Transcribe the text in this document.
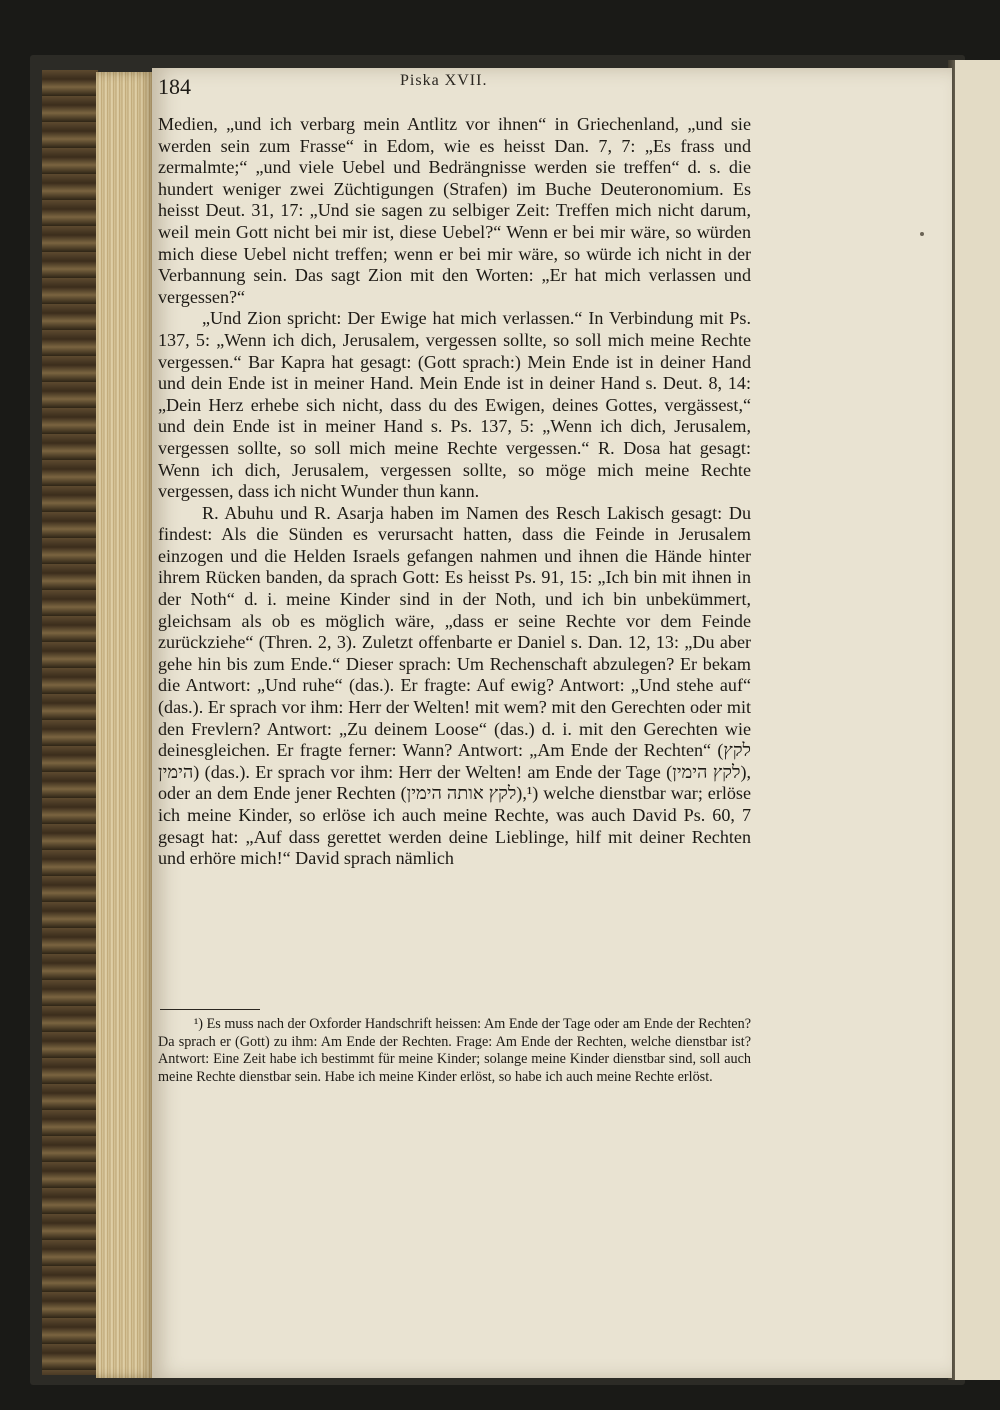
184	Piska XVII.

Medien, „und ich verbarg mein Antlitz vor ihnen“ in Griechenland, „und sie werden sein zum Frasse“ in Edom, wie es heisst Dan. 7, 7: „Es frass und zermalmte;“ „und viele Uebel und Bedrängnisse werden sie treffen“ d. s. die hundert weniger zwei Züchtigungen (Strafen) im Buche Deuteronomium. Es heisst Deut. 31, 17: „Und sie sagen zu selbiger Zeit: Treffen mich nicht darum, weil mein Gott nicht bei mir ist, diese Uebel?“ Wenn er bei mir wäre, so würden mich diese Uebel nicht treffen; wenn er bei mir wäre, so würde ich nicht in der Verbannung sein. Das sagt Zion mit den Worten: „Er hat mich verlassen und vergessen?“

„Und Zion spricht: Der Ewige hat mich verlassen.“ In Verbindung mit Ps. 137, 5: „Wenn ich dich, Jerusalem, vergessen sollte, so soll mich meine Rechte vergessen.“ Bar Kapra hat gesagt: (Gott sprach:) Mein Ende ist in deiner Hand und dein Ende ist in meiner Hand. Mein Ende ist in deiner Hand s. Deut. 8, 14: „Dein Herz erhebe sich nicht, dass du des Ewigen, deines Gottes, vergässest,“ und dein Ende ist in meiner Hand s. Ps. 137, 5: „Wenn ich dich, Jerusalem, vergessen sollte, so soll mich meine Rechte vergessen.“ R. Dosa hat gesagt: Wenn ich dich, Jerusalem, vergessen sollte, so möge mich meine Rechte vergessen, dass ich nicht Wunder thun kann.

R. Abuhu und R. Asarja haben im Namen des Resch Lakisch gesagt: Du findest: Als die Sünden es verursacht hatten, dass die Feinde in Jerusalem einzogen und die Helden Israels gefangen nahmen und ihnen die Hände hinter ihrem Rücken banden, da sprach Gott: Es heisst Ps. 91, 15: „Ich bin mit ihnen in der Noth“ d. i. meine Kinder sind in der Noth, und ich bin unbekümmert, gleichsam als ob es möglich wäre, „dass er seine Rechte vor dem Feinde zurückziehe“ (Thren. 2, 3). Zuletzt offenbarte er Daniel s. Dan. 12, 13: „Du aber gehe hin bis zum Ende.“ Dieser sprach: Um Rechenschaft abzulegen? Er bekam die Antwort: „Und ruhe“ (das.). Er fragte: Auf ewig? Antwort: „Und stehe auf“ (das.). Er sprach vor ihm: Herr der Welten! mit wem? mit den Gerechten oder mit den Frevlern? Antwort: „Zu deinem Loose“ (das.) d. i. mit den Gerechten wie deinesgleichen. Er fragte ferner: Wann? Antwort: „Am Ende der Rechten“ (לקץ הימין) (das.). Er sprach vor ihm: Herr der Welten! am Ende der Tage (לקץ הימין), oder an dem Ende jener Rechten (לקץ אותה הימין),¹) welche dienstbar war; erlöse ich meine Kinder, so erlöse ich auch meine Rechte, was auch David Ps. 60, 7 gesagt hat: „Auf dass gerettet werden deine Lieblinge, hilf mit deiner Rechten und erhöre mich!“ David sprach nämlich

¹) Es muss nach der Oxforder Handschrift heissen: Am Ende der Tage oder am Ende der Rechten? Da sprach er (Gott) zu ihm: Am Ende der Rechten. Frage: Am Ende der Rechten, welche dienstbar ist? Antwort: Eine Zeit habe ich bestimmt für meine Kinder; solange meine Kinder dienstbar sind, soll auch meine Rechte dienstbar sein. Habe ich meine Kinder erlöst, so habe ich auch meine Rechte erlöst.
